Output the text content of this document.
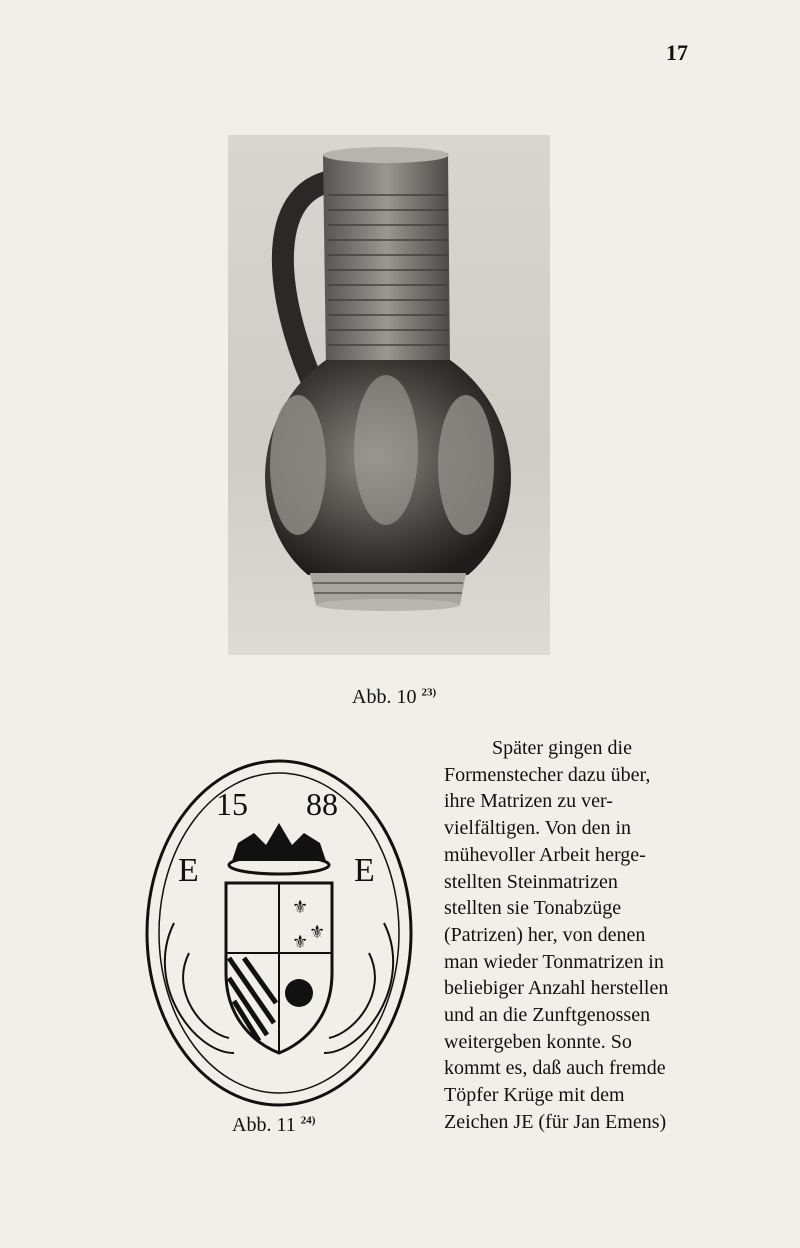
17
Abb. 10 $^{23)}$
15 88
E	E
⚜
⚜
⚜
Abb. 11 $^{24)}$
Später gingen die
Formenstecher dazu über,
ihre Matrizen zu ver-
vielfältigen. Von den in
mühevoller Arbeit herge-
stellten Steinmatrizen
stellten sie Tonabzüge
(Patrizen) her, von denen
man wieder Tonmatrizen in
beliebiger Anzahl herstellen
und an die Zunftgenossen
weitergeben konnte. So
kommt es, daß auch fremde
Töpfer Krüge mit dem
Zeichen JE (für Jan Emens)
